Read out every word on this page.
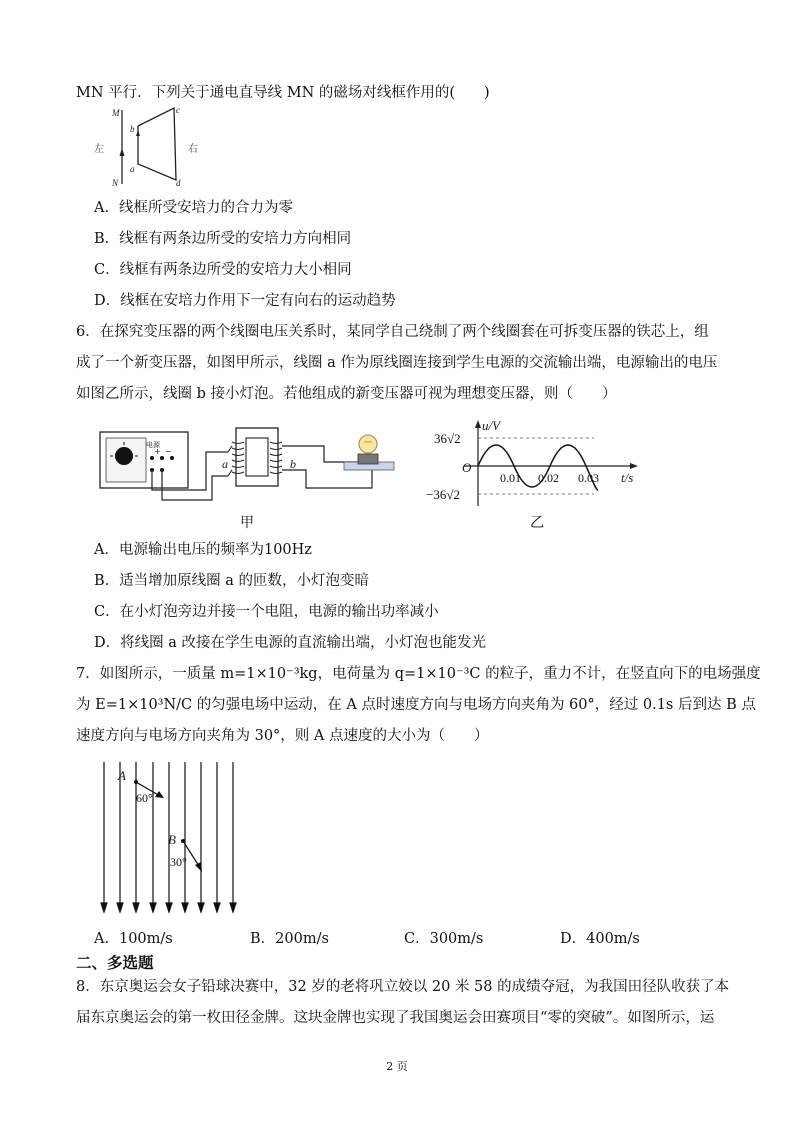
MN 平行．下列关于通电直导线 MN 的磁场对线框作用的(　　)
M
N
b
a
c
d
左	右
A．线框所受安培力的合力为零
B．线框有两条边所受的安培力方向相同
C．线框有两条边所受的安培力大小相同
D．线框在安培力作用下一定有向右的运动趋势
6．在探究变压器的两个线圈电压关系时，某同学自己绕制了两个线圈套在可拆变压器的铁芯上，组
成了一个新变压器，如图甲所示，线圈 a 作为原线圈连接到学生电源的交流输出端，电源输出的电压
如图乙所示，线圈 b 接小灯泡。若他组成的新变压器可视为理想变压器，则（　　）
电源
+ −
a	b
甲
u/V
t/s
O
36√2
−36√2
0.01 0.02 0.03
乙
A．电源输出电压的频率为100Hz
B．适当增加原线圈 a 的匝数，小灯泡变暗
C．在小灯泡旁边并接一个电阻，电源的输出功率减小
D．将线圈 a 改接在学生电源的直流输出端，小灯泡也能发光
7．如图所示，一质量 m=1×10⁻³kg，电荷量为 q=1×10⁻³C 的粒子，重力不计，在竖直向下的电场强度
为 E=1×10³N/C 的匀强电场中运动，在 A 点时速度方向与电场方向夹角为 60°，经过 0.1s 后到达 B 点
速度方向与电场方向夹角为 30°，则 A 点速度的大小为（　　）
A
B
60°
30°
A．100m/s	B．200m/s	C．300m/s	D．400m/s
二、多选题
8．东京奥运会女子铅球决赛中，32 岁的老将巩立姣以 20 米 58 的成绩夺冠，为我国田径队收获了本
届东京奥运会的第一枚田径金牌。这块金牌也实现了我国奥运会田赛项目“零的突破”。如图所示，运
2 页
